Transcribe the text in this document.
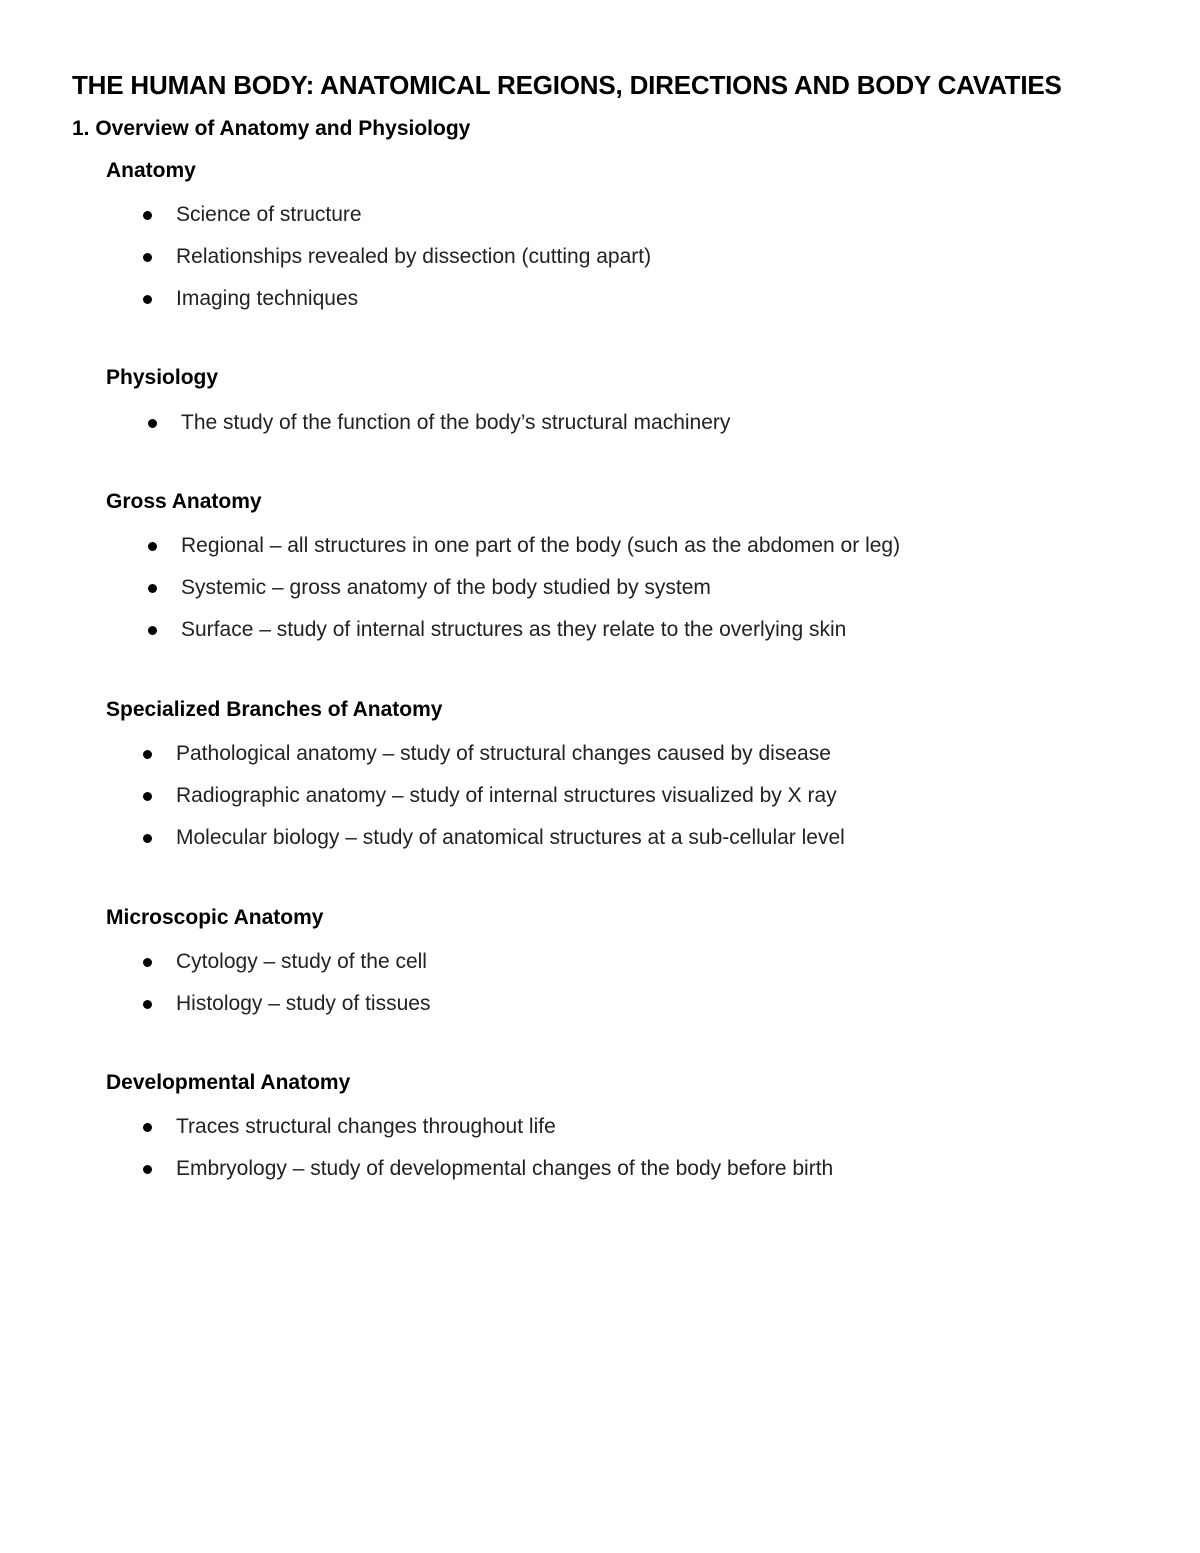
THE HUMAN BODY: ANATOMICAL REGIONS, DIRECTIONS AND BODY CAVATIES
1. Overview of Anatomy and Physiology
Anatomy
Science of structure
Relationships revealed by dissection (cutting apart)
Imaging techniques
Physiology
The study of the function of the body’s structural machinery
Gross Anatomy
Regional – all structures in one part of the body (such as the abdomen or leg)
Systemic – gross anatomy of the body studied by system
Surface – study of internal structures as they relate to the overlying skin
Specialized Branches of Anatomy
Pathological anatomy – study of structural changes caused by disease
Radiographic anatomy – study of internal structures visualized by X ray
Molecular biology – study of anatomical structures at a sub-cellular level
Microscopic Anatomy
Cytology – study of the cell
Histology – study of tissues
Developmental Anatomy
Traces structural changes throughout life
Embryology – study of developmental changes of the body before birth
